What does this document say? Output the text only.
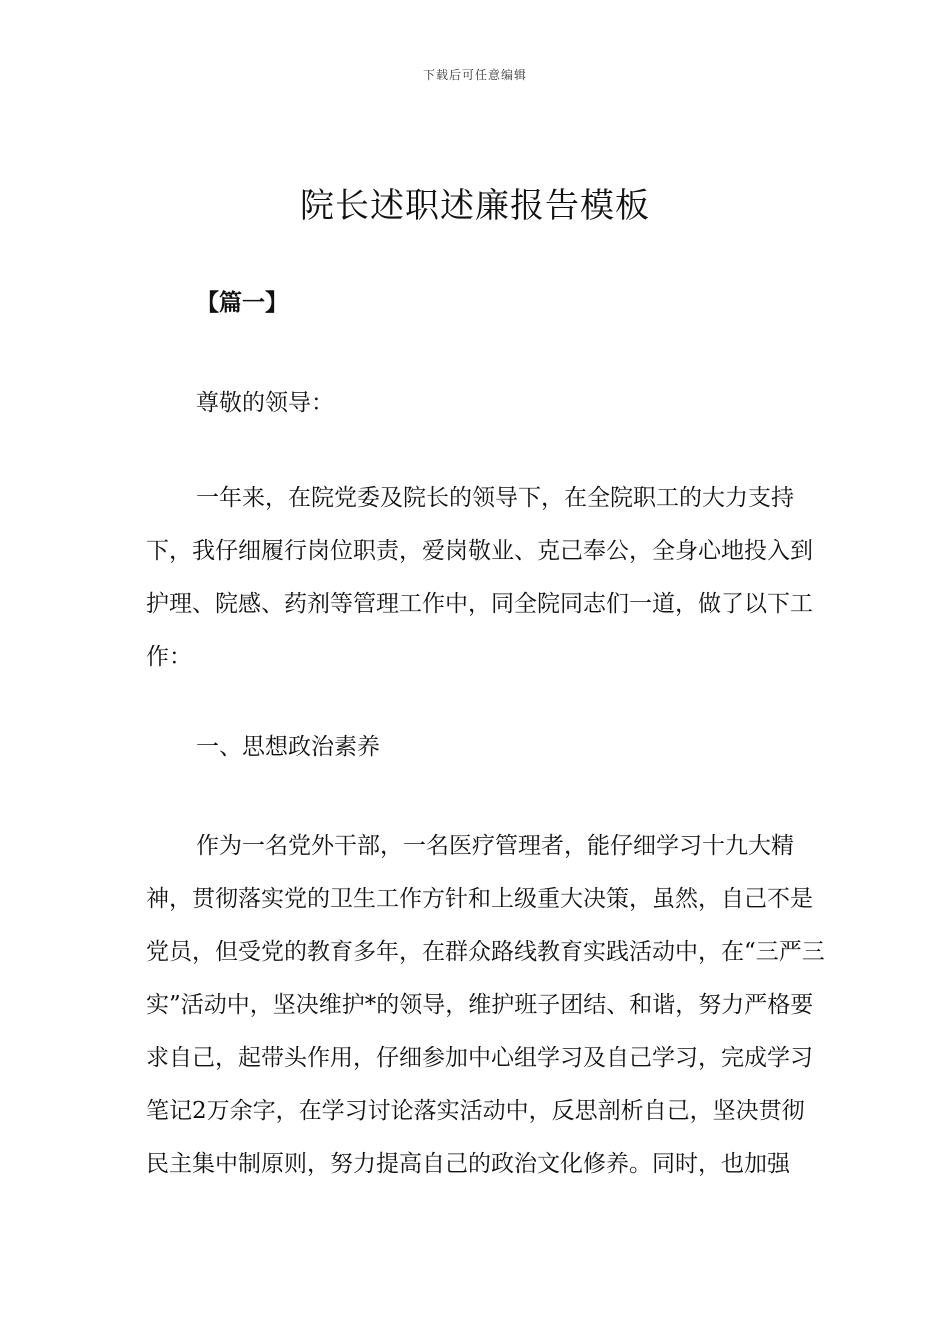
下载后可任意编辑
院长述职述廉报告模板
【篇一】
尊敬的领导：

一年来，在院党委及院长的领导下，在全院职工的大力支持下，我仔细履行岗位职责，爱岗敬业、克己奉公，全身心地投入到护理、院感、药剂等管理工作中，同全院同志们一道，做了以下工作：

一、思想政治素养

作为一名党外干部，一名医疗管理者，能仔细学习十九大精神，贯彻落实党的卫生工作方针和上级重大决策，虽然，自己不是党员，但受党的教育多年，在群众路线教育实践活动中，在“三严三实”活动中，坚决维护*的领导，维护班子团结、和谐，努力严格要求自己，起带头作用，仔细参加中心组学习及自己学习，完成学习笔记2万余字，在学习讨论落实活动中，反思剖析自己，坚决贯彻民主集中制原则，努力提高自己的政治文化修养。同时，也加强
